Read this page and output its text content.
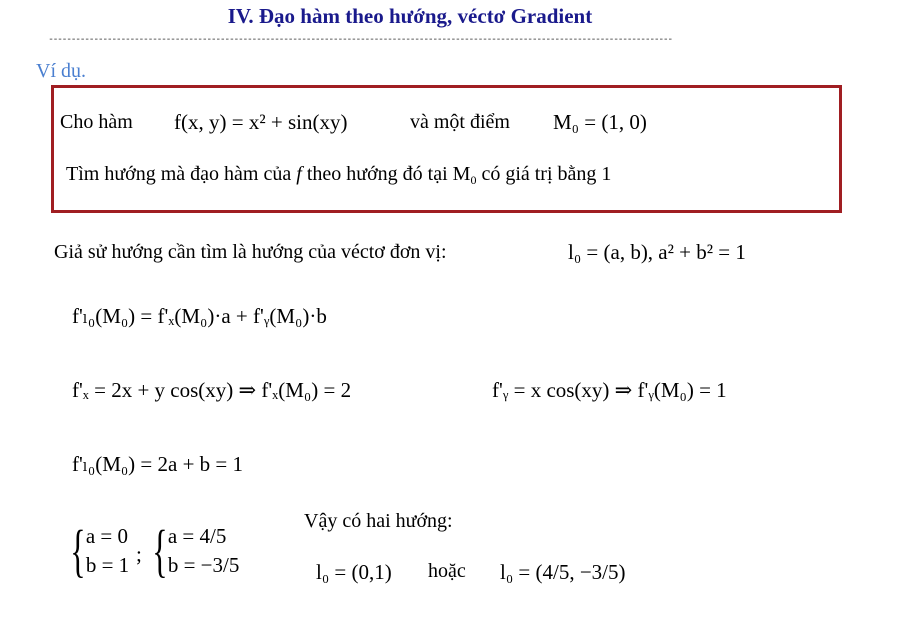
IV. Đạo hàm theo hướng, véctơ Gradient
------------------------------------------------------------------------------------------------------------------------------------------
Ví dụ.
Cho hàm f(x, y) = x² + sin(xy)	và một điểm M₀ = (1, 0)
Tìm hướng mà đạo hàm của f theo hướng đó tại $M_0$ có giá trị bằng 1
Giả sử hướng cần tìm là hướng của véctơ đơn vị:	l₀ = (a, b), a² + b² = 1
f'ₗ₀(M₀) = f'ₓ(M₀)·a + f'ᵧ(M₀)·b
f'ₓ = 2x + y cos(xy) ⇒ f'ₓ(M₀) = 2	f'ᵧ = x cos(xy) ⇒ f'ᵧ(M₀) = 1
f'ₗ₀(M₀) = 2a + b = 1
{ a = 0
b = 1 ; { a = 4/5
b = −3/5
Vậy có hai hướng:
l₀ = (0,1) hoặc l₀ = (4/5, −3/5)
